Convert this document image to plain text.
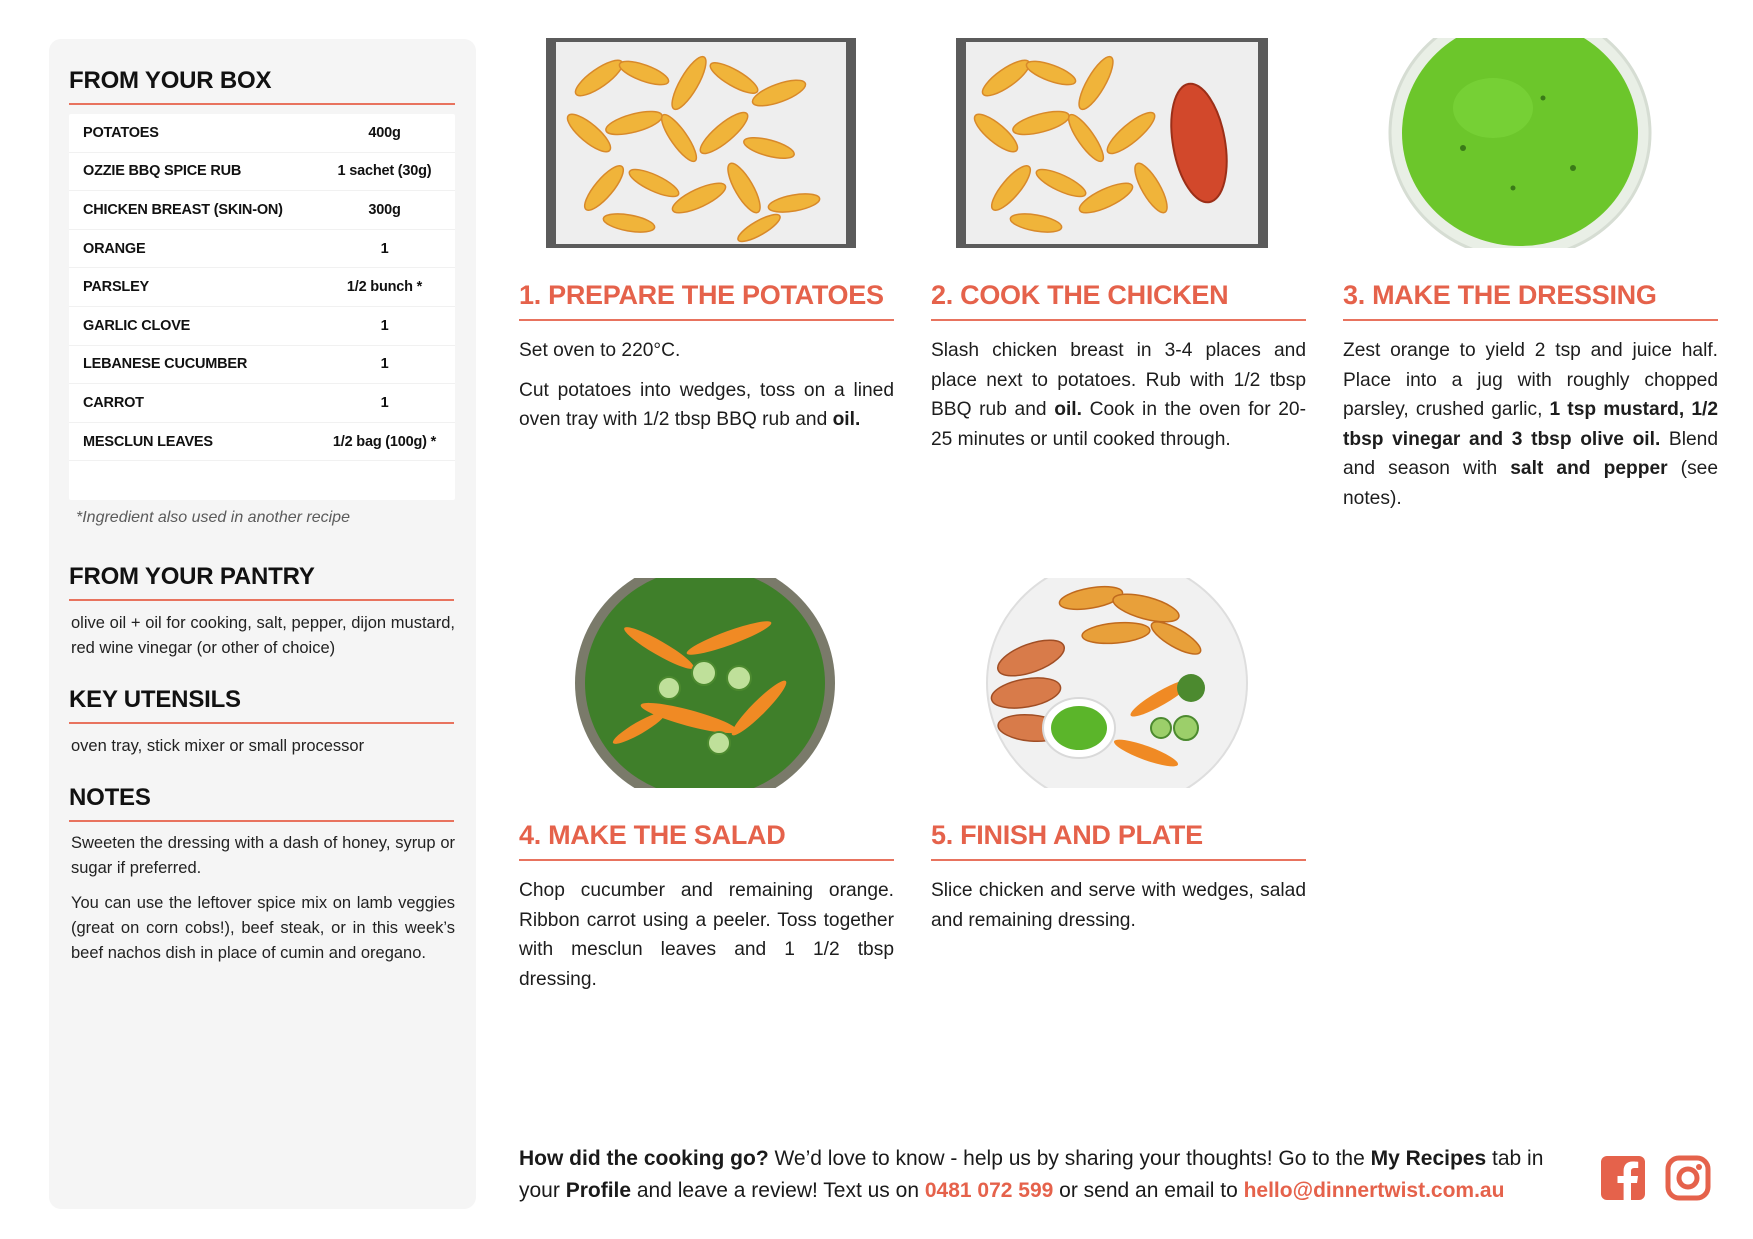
FROM YOUR BOX
POTATOES	400g
OZZIE BBQ SPICE RUB	1 sachet (30g)
CHICKEN BREAST (SKIN-ON)	300g
ORANGE	1
PARSLEY	1/2 bunch *
GARLIC CLOVE	1
LEBANESE CUCUMBER	1
CARROT	1
MESCLUN LEAVES	1/2 bag (100g) *
*Ingredient also used in another recipe
FROM YOUR PANTRY
olive oil + oil for cooking, salt, pepper, dijon mustard, red wine vinegar (or other of choice)
KEY UTENSILS
oven tray, stick mixer or small processor
NOTES

Sweeten the dressing with a dash of honey, syrup or sugar if preferred.

You can use the leftover spice mix on lamb veggies (great on corn cobs!), beef steak, or in this week’s beef nachos dish in place of cumin and oregano.

1. PREPARE THE POTATOES

Set oven to 220°C.

Cut potatoes into wedges, toss on a lined oven tray with 1/2 tbsp BBQ rub and oil.

2. COOK THE CHICKEN

Slash chicken breast in 3-4 places and place next to potatoes. Rub with 1/2 tbsp BBQ rub and oil. Cook in the oven for 20-25 minutes or until cooked through.

3. MAKE THE DRESSING

Zest orange to yield 2 tsp and juice half. Place into a jug with roughly chopped parsley, crushed garlic, 1 tsp mustard, 1/2 tbsp vinegar and 3 tbsp olive oil. Blend and season with salt and pepper (see notes).

4. MAKE THE SALAD

Chop cucumber and remaining orange. Ribbon carrot using a peeler. Toss together with mesclun leaves and 1 1/2 tbsp dressing.

5. FINISH AND PLATE

Slice chicken and serve with wedges, salad and remaining dressing.

How did the cooking go? We’d love to know - help us by sharing your thoughts! Go to the My Recipes tab in your Profile and leave a review! Text us on 0481 072 599 or send an email to hello@dinnertwist.com.au
